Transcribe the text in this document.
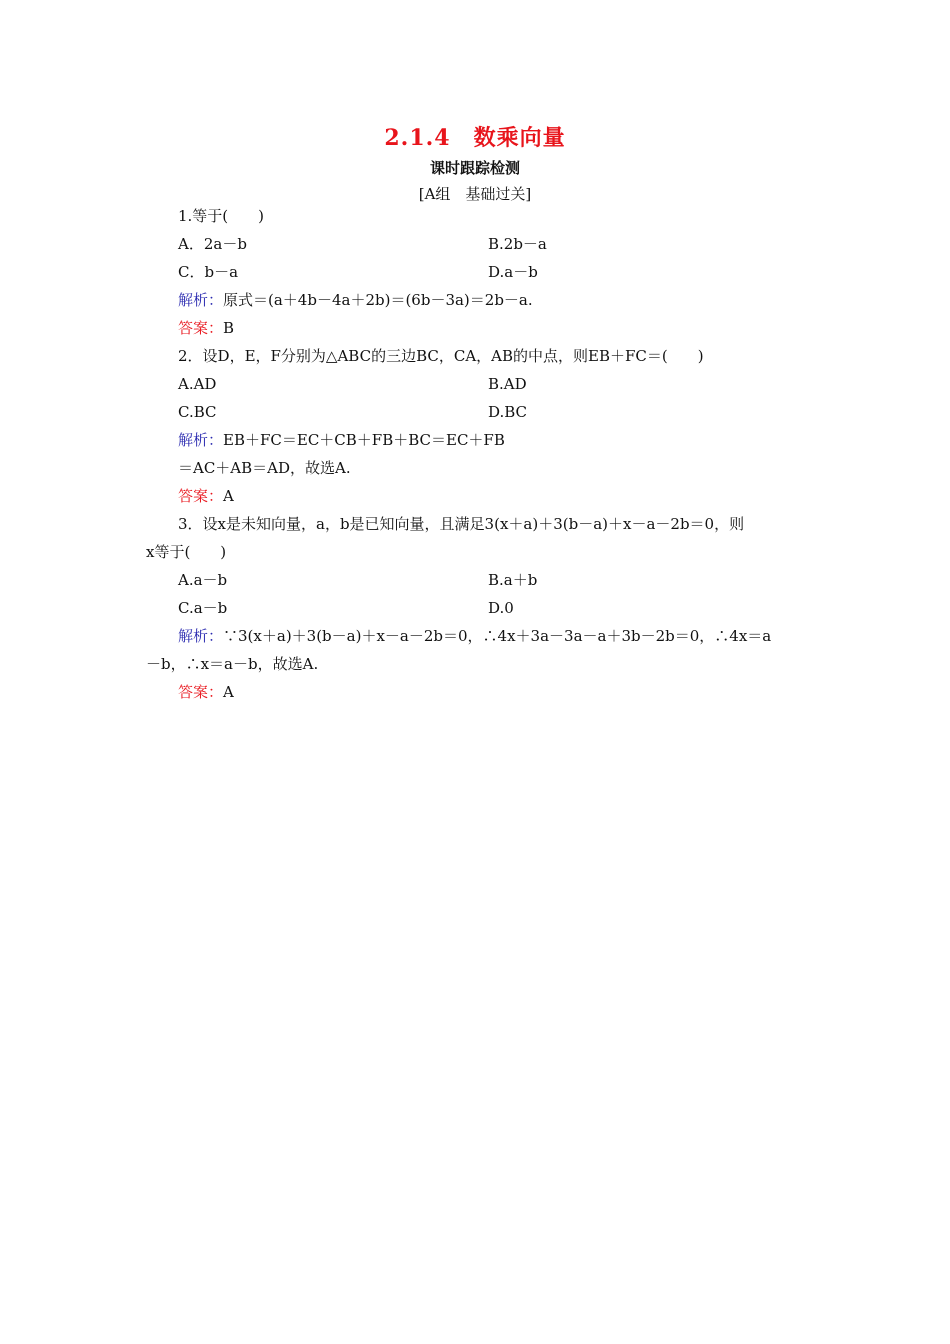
2.1.4　数乘向量
课时跟踪检测
[A组　基础过关]
1.等于(　　)
A．2a－b	B.2b－a
C．b－a	D.a－b
解析：原式＝(a＋4b－4a＋2b)＝(6b－3a)＝2b－a.
答案：B
2．设D，E，F分别为△ABC的三边BC，CA，AB的中点，则EB＋FC＝(　　)
A.AD	B.AD
C.BC	D.BC
解析：EB＋FC＝EC＋CB＋FB＋BC＝EC＋FB
＝AC＋AB＝AD，故选A.
答案：A
3．设x是未知向量，a，b是已知向量，且满足3(x＋a)＋3(b－a)＋x－a－2b＝0，则
x等于(　　)
A.a－b	B.a＋b
C.a－b	D.0
解析：∵3(x＋a)＋3(b－a)＋x－a－2b＝0，∴4x＋3a－3a－a＋3b－2b＝0，∴4x＝a
－b，∴x＝a－b，故选A.
答案：A
